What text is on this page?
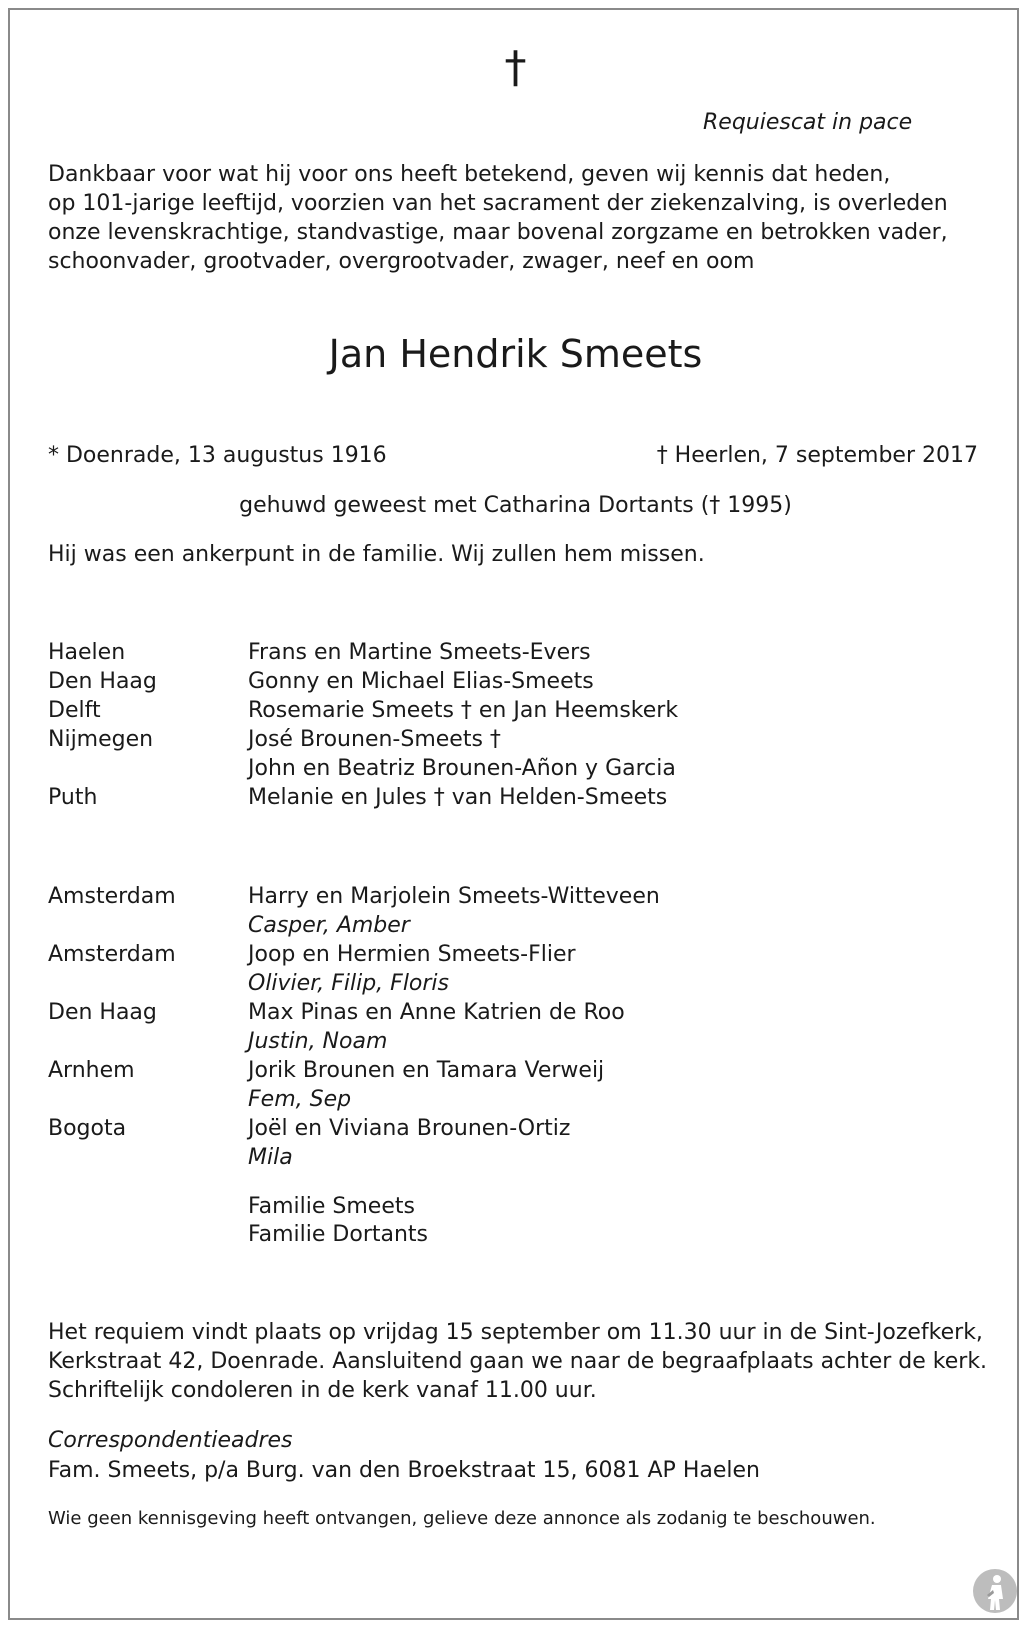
†
Requiescat in pace
Dankbaar voor wat hij voor ons heeft betekend, geven wij kennis dat heden,
op 101-jarige leeftijd, voorzien van het sacrament der ziekenzalving, is overleden
onze levenskrachtige, standvastige, maar bovenal zorgzame en betrokken vader,
schoonvader, grootvader, overgrootvader, zwager, neef en oom
Jan Hendrik Smeets
* Doenrade, 13 augustus 1916	† Heerlen, 7 september 2017
gehuwd geweest met Catharina Dortants († 1995)
Hij was een ankerpunt in de familie. Wij zullen hem missen.
Haelen	Frans en Martine Smeets-Evers
Den Haag	Gonny en Michael Elias-Smeets
Delft	Rosemarie Smeets † en Jan Heemskerk
Nijmegen	José Brounen-Smeets †
John en Beatriz Brounen-Añon y Garcia
Puth	Melanie en Jules † van Helden-Smeets
Amsterdam	Harry en Marjolein Smeets-Witteveen
Casper, Amber
Amsterdam	Joop en Hermien Smeets-Flier
Olivier, Filip, Floris
Den Haag	Max Pinas en Anne Katrien de Roo
Justin, Noam
Arnhem	Jorik Brounen en Tamara Verweij
Fem, Sep
Bogota	Joël en Viviana Brounen-Ortiz
Mila
Familie Smeets
Familie Dortants
Het requiem vindt plaats op vrijdag 15 september om 11.30 uur in de Sint-Jozefkerk,
Kerkstraat 42, Doenrade. Aansluitend gaan we naar de begraafplaats achter de kerk.
Schriftelijk condoleren in de kerk vanaf 11.00 uur.
Correspondentieadres
Fam. Smeets, p/a Burg. van den Broekstraat 15, 6081 AP Haelen
Wie geen kennisgeving heeft ontvangen, gelieve deze annonce als zodanig te beschouwen.
